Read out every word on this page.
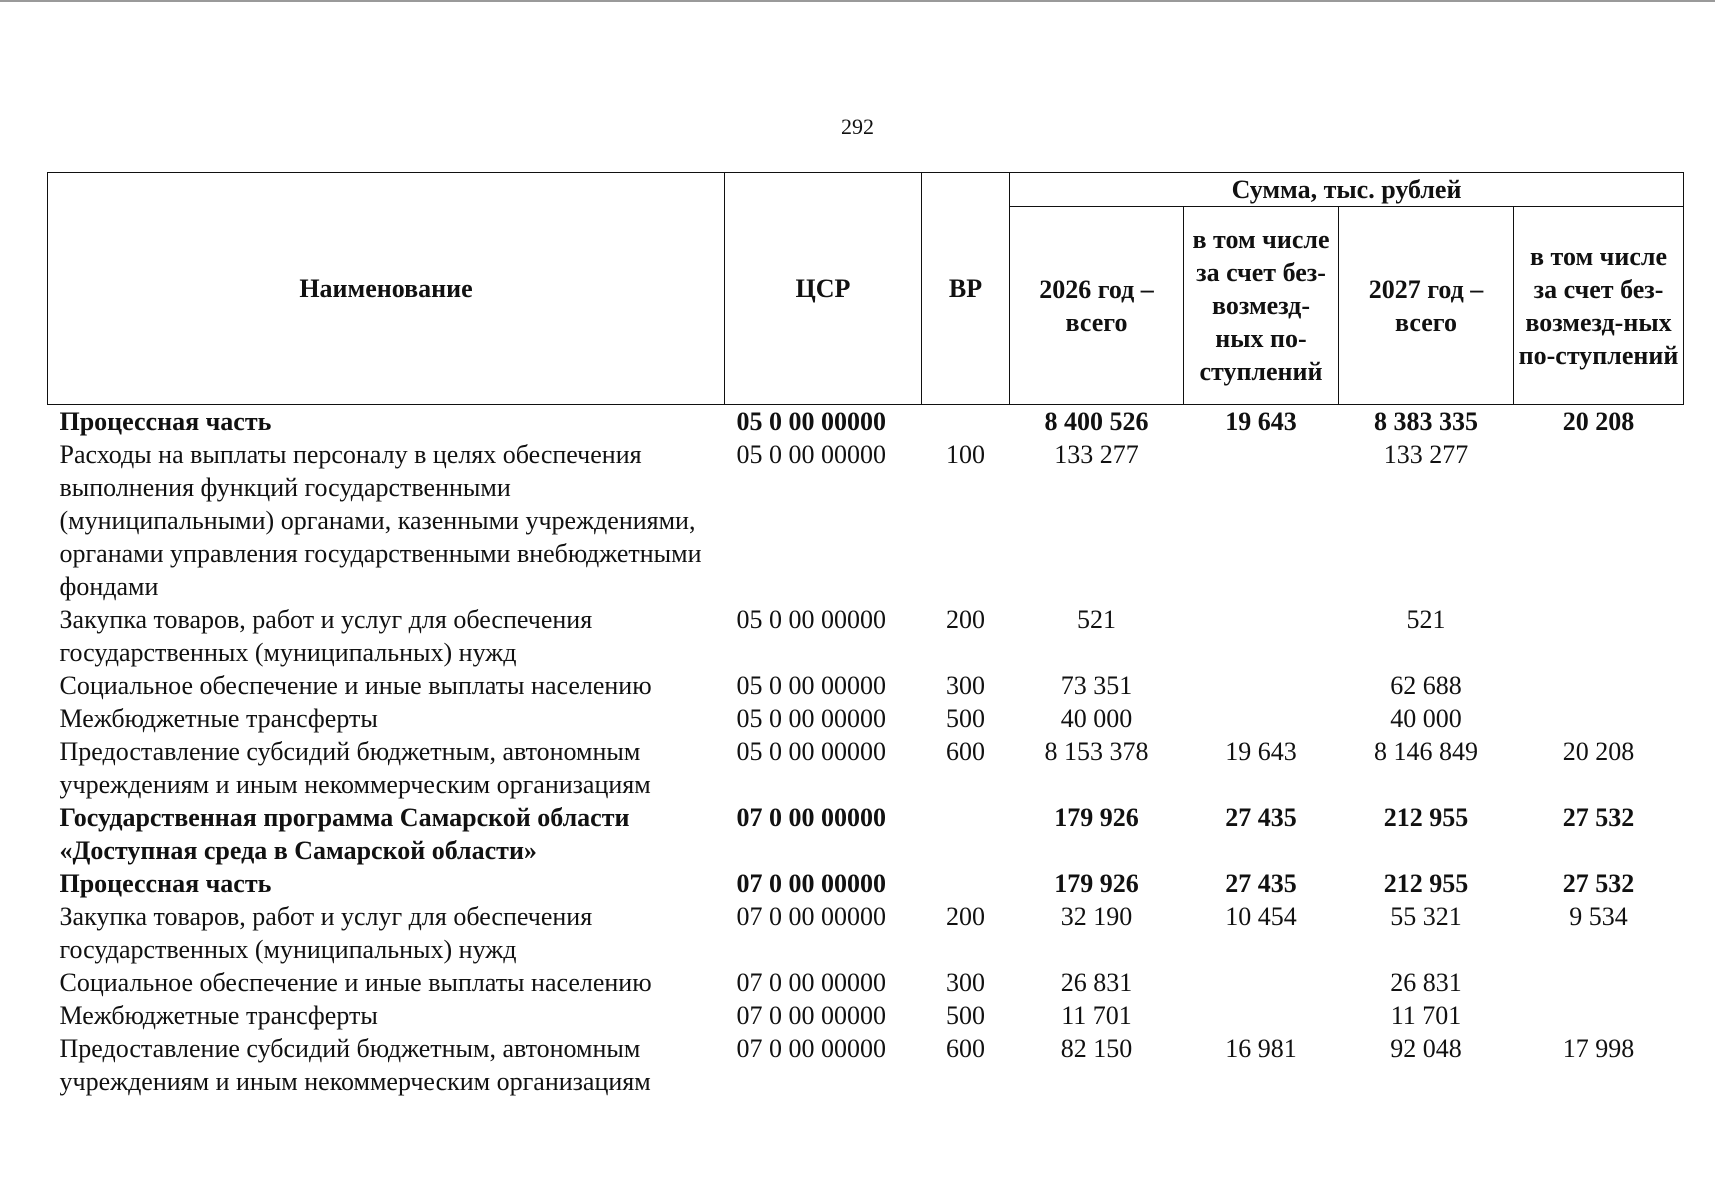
292
Наименование	ЦСР	ВР	Сумма, тыс. рублей			
			2026 год – всего	в том числе за счет без-возмезд-ных по-ступлений	2027 год – всего	в том числе за счет без-возмезд-ных по-ступлений
Процессная часть	05 0 00 00000		8 400 526	19 643	8 383 335	20 208
Расходы на выплаты персоналу в целях обеспечения выполнения функций государственными (муниципальными) органами, казенными учреждениями, органами управления государственными внебюджетными фондами	05 0 00 00000	100	133 277		133 277	
Закупка товаров, работ и услуг для обеспечения государственных (муниципальных) нужд	05 0 00 00000	200	521		521	
Социальное обеспечение и иные выплаты населению	05 0 00 00000	300	73 351		62 688	
Межбюджетные трансферты	05 0 00 00000	500	40 000		40 000	
Предоставление субсидий бюджетным, автономным учреждениям и иным некоммерческим организациям	05 0 00 00000	600	8 153 378	19 643	8 146 849	20 208
Государственная программа Самарской области «Доступная среда в Самарской области»	07 0 00 00000		179 926	27 435	212 955	27 532
Процессная часть	07 0 00 00000		179 926	27 435	212 955	27 532
Закупка товаров, работ и услуг для обеспечения государственных (муниципальных) нужд	07 0 00 00000	200	32 190	10 454	55 321	9 534
Социальное обеспечение и иные выплаты населению	07 0 00 00000	300	26 831		26 831	
Межбюджетные трансферты	07 0 00 00000	500	11 701		11 701	
Предоставление субсидий бюджетным, автономным учреждениям и иным некоммерческим организациям	07 0 00 00000	600	82 150	16 981	92 048	17 998
